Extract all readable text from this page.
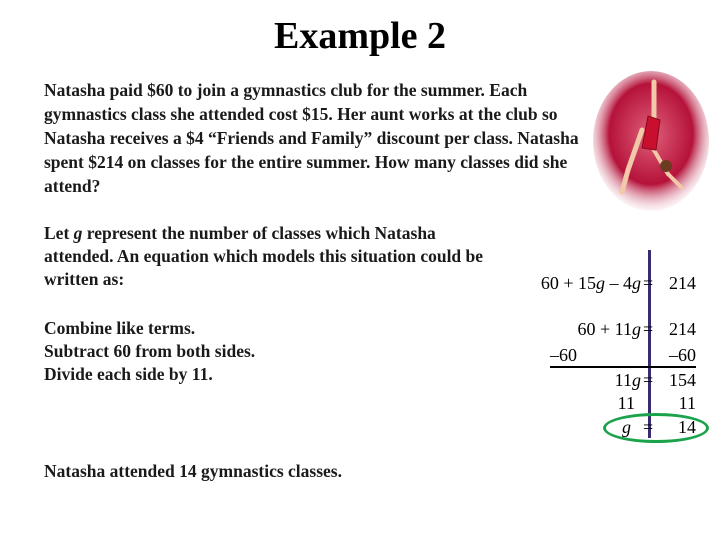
Example 2
Natasha paid $60 to join a gymnastics club for the summer. Each gymnastics class she attended cost $15. Her aunt works at the club so Natasha receives a $4 “Friends and Family” discount per class. Natasha spent $214 on classes for the entire summer. How many classes did she attend?
Let g represent the number of classes which Natasha attended. An equation which models this situation could be written as:
Combine like terms.
Subtract 60 from both sides.
Divide each side by 11.
Natasha attended 14 gymnastics classes.
60 + 15g – 4g = 214
60 + 11g = 214
–60	–60
11g = 154
11 11
g = 14
